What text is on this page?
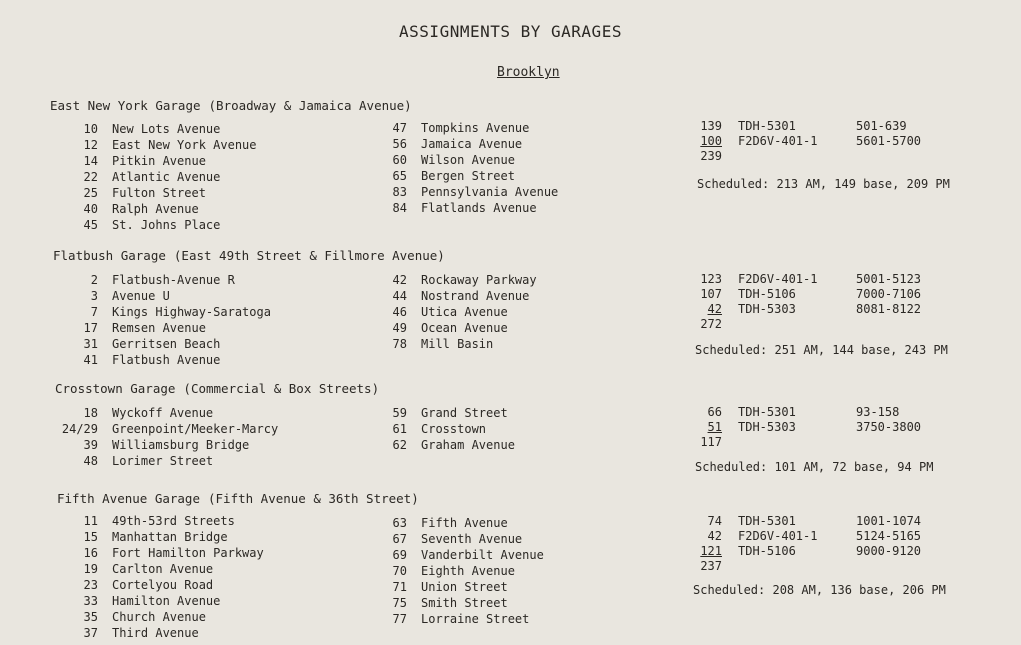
ASSIGNMENTS BY GARAGES
Brooklyn
East New York Garage (Broadway & Jamaica Avenue)
10 New Lots Avenue
12 East New York Avenue
14 Pitkin Avenue
22 Atlantic Avenue
25 Fulton Street
40 Ralph Avenue
45 St. Johns Place
47 Tompkins Avenue
56 Jamaica Avenue
60 Wilson Avenue
65 Bergen Street
83 Pennsylvania Avenue
84 Flatlands Avenue
139 TDH-5301	501-639
100 F2D6V-401-1	5601-5700
239
Scheduled: 213 AM, 149 base, 209 PM
Flatbush Garage (East 49th Street & Fillmore Avenue)
2 Flatbush-Avenue R
3 Avenue U
7 Kings Highway-Saratoga
17 Remsen Avenue
31 Gerritsen Beach
41 Flatbush Avenue
42 Rockaway Parkway
44 Nostrand Avenue
46 Utica Avenue
49 Ocean Avenue
78 Mill Basin
123 F2D6V-401-1	5001-5123
107 TDH-5106	7000-7106
42 TDH-5303	8081-8122
272
Scheduled: 251 AM, 144 base, 243 PM
Crosstown Garage (Commercial & Box Streets)
18 Wyckoff Avenue
24/29 Greenpoint/Meeker-Marcy
39 Williamsburg Bridge
48 Lorimer Street
59 Grand Street
61 Crosstown
62 Graham Avenue
66 TDH-5301	93-158
51 TDH-5303	3750-3800
117
Scheduled: 101 AM, 72 base, 94 PM
Fifth Avenue Garage (Fifth Avenue & 36th Street)
11 49th-53rd Streets
15 Manhattan Bridge
16 Fort Hamilton Parkway
19 Carlton Avenue
23 Cortelyou Road
33 Hamilton Avenue
35 Church Avenue
37 Third Avenue
63 Fifth Avenue
67 Seventh Avenue
69 Vanderbilt Avenue
70 Eighth Avenue
71 Union Street
75 Smith Street
77 Lorraine Street
74 TDH-5301	1001-1074
42 F2D6V-401-1	5124-5165
121 TDH-5106	9000-9120
237
Scheduled: 208 AM, 136 base, 206 PM
